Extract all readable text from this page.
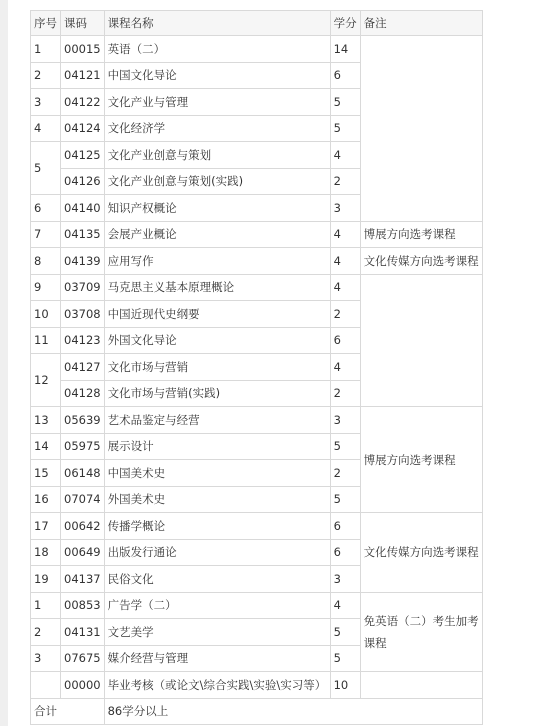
序号	课码	课程名称	学分	备注
1	00015	英语（二）	14	
2	04121	中国文化导论	6	
3	04122	文化产业与管理	5	
4	04124	文化经济学	5	
5	04125	文化产业创意与策划	4	
	04126	文化产业创意与策划(实践)	2	
6	04140	知识产权概论	3	
7	04135	会展产业概论	4	博展方向选考课程
8	04139	应用写作	4	文化传媒方向选考课程
9	03709	马克思主义基本原理概论	4	
10	03708	中国近现代史纲要	2	
11	04123	外国文化导论	6	
12	04127	文化市场与营销	4	
	04128	文化市场与营销(实践)	2	
13	05639	艺术品鉴定与经营	3	博展方向选考课程
14	05975	展示设计	5	
15	06148	中国美术史	2	
16	07074	外国美术史	5	
17	00642	传播学概论	6	文化传媒方向选考课程
18	00649	出版发行通论	6	
19	04137	民俗文化	3	
1	00853	广告学（二）	4	免英语（二）考生加考课程
2	04131	文艺美学	5	
3	07675	媒介经营与管理	5	
	00000	毕业考核（或论文\综合实践\实验\实习等）	10	
合计		86学分以上		
